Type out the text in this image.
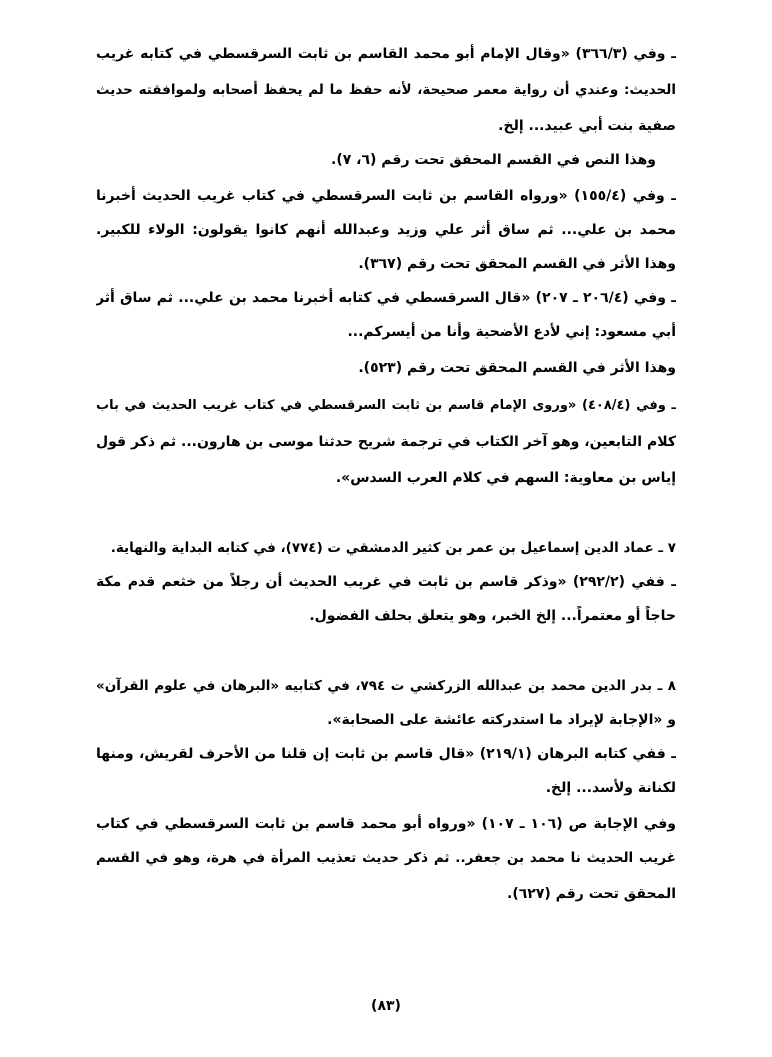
ـ وفي (٣٦٦/٣) «وقال الإمام أبو محمد القاسم بن ثابت السرقسطي في كتابه غريب
الحديث: وعندي أن رواية معمر صحيحة، لأنه حفظ ما لم يحفظ أصحابه ولموافقته حديث
صفية بنت أبي عبيد... إلخ.
وهذا النص في القسم المحقق تحت رقم (٦، ٧).
ـ وفي (١٥٥/٤) «ورواه القاسم بن ثابت السرقسطي في كتاب غريب الحديث أخبرنا
محمد بن علي... ثم ساق أثر علي وزيد وعبدالله أنهم كانوا يقولون: الولاء للكبير.
وهذا الأثر في القسم المحقق تحت رقم (٣٦٧).
ـ وفي (٢٠٦/٤ ـ ٢٠٧) «قال السرقسطي في كتابه أخبرنا محمد بن علي... ثم ساق أثر
أبي مسعود: إني لأدع الأضحية وأنا من أيسركم...
وهذا الأثر في القسم المحقق تحت رقم (٥٢٣).
ـ وفي (٤٠٨/٤) «وروى الإمام قاسم بن ثابت السرقسطي في كتاب غريب الحديث في باب
كلام التابعين، وهو آخر الكتاب في ترجمة شريح حدثنا موسى بن هارون... ثم ذكر قول
إياس بن معاوية: السهم في كلام العرب السدس».
٧ ـ عماد الدين إسماعيل بن عمر بن كثير الدمشقي ت (٧٧٤)، في كتابه البداية والنهاية.
ـ ففي (٢٩٢/٢) «وذكر قاسم بن ثابت في غريب الحديث أن رجلاً من خثعم قدم مكة
حاجاً أو معتمراً... إلخ الخبر، وهو يتعلق بحلف الفضول.
٨ ـ بدر الدين محمد بن عبدالله الزركشي ت ٧٩٤، في كتابيه «البرهان في علوم القرآن»
و «الإجابة لإيراد ما استدركته عائشة على الصحابة».
ـ ففي كتابه البرهان (٢١٩/١) «قال قاسم بن ثابت إن قلنا من الأحرف لقريش، ومنها
لكنانة ولأسد... إلخ.
وفي الإجابة ص (١٠٦ ـ ١٠٧) «ورواه أبو محمد قاسم بن ثابت السرقسطي في كتاب
غريب الحديث نا محمد بن جعفر.. ثم ذكر حديث تعذيب المرأة في هرة، وهو في القسم
المحقق تحت رقم (٦٢٧).
(٨٣)
